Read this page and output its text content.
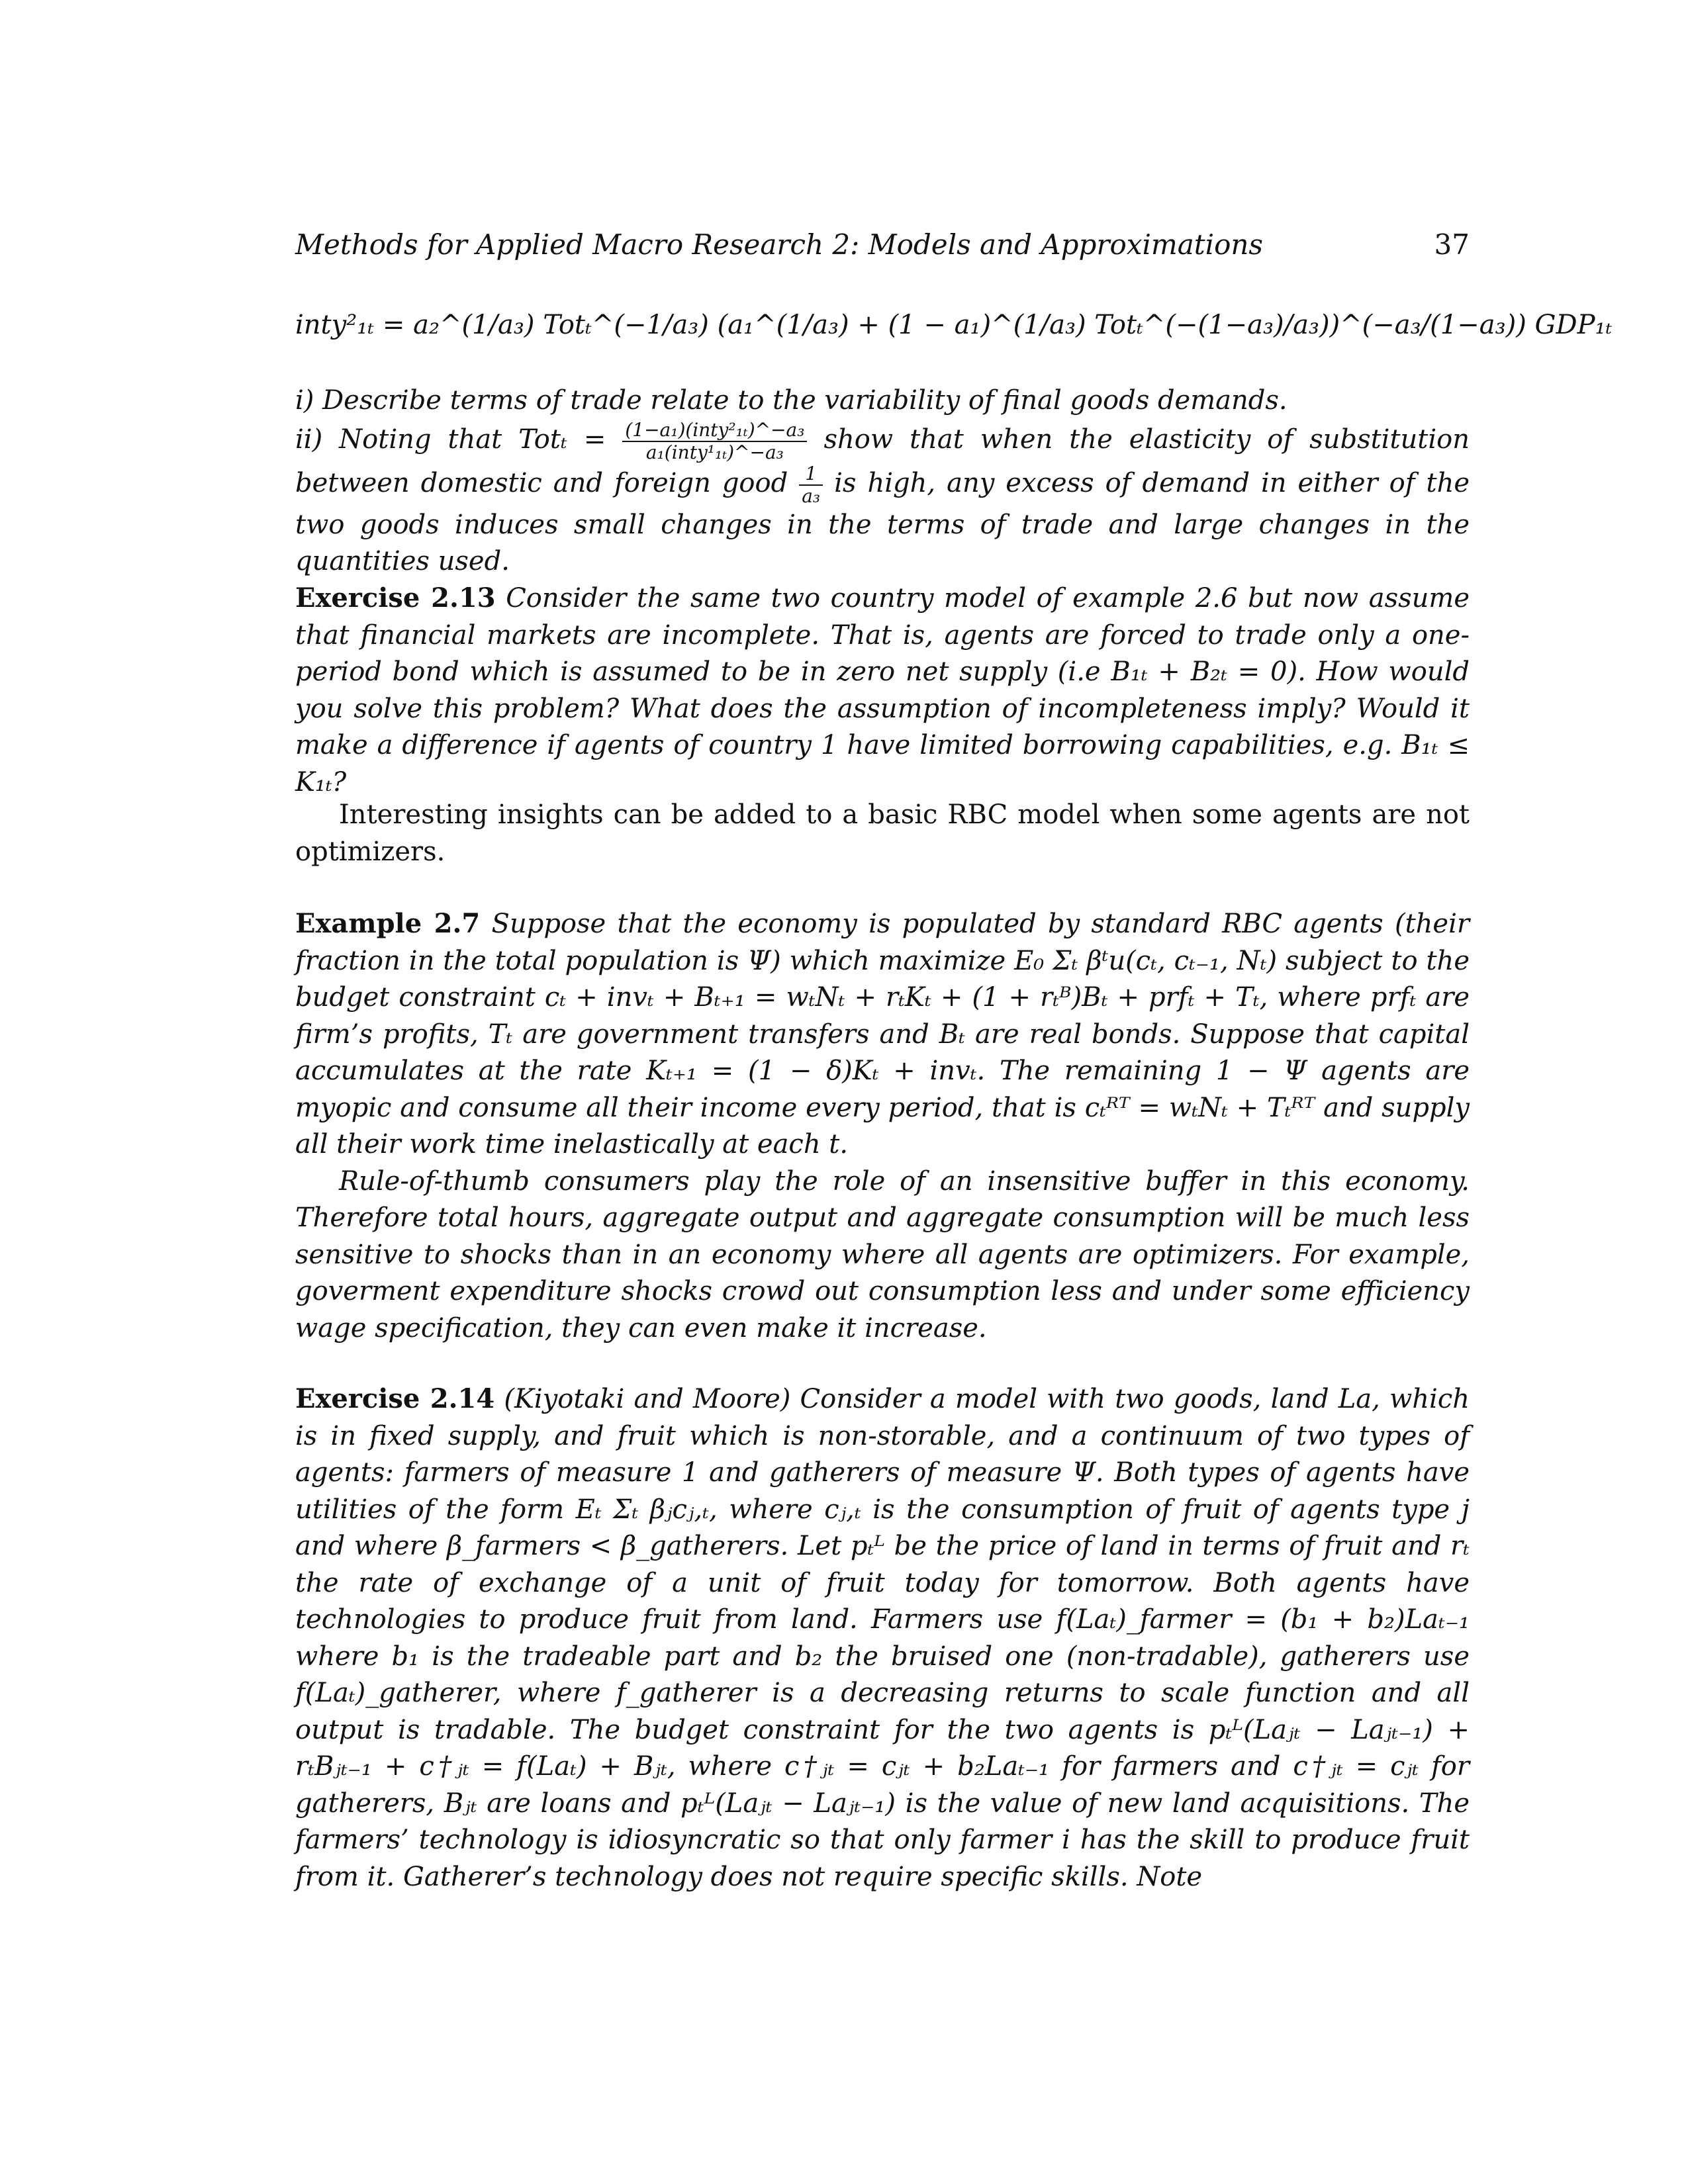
Methods for Applied Macro Research 2: Models and Approximations	37
inty²₁ₜ = a₂^(1/a₃) Totₜ^(−1/a₃) (a₁^(1/a₃) + (1 − a₁)^(1/a₃) Totₜ^(−(1−a₃)/a₃))^(−a₃/(1−a₃)) GDP₁ₜ

i) Describe terms of trade relate to the variability of final goods demands.

ii) Noting that $Tot_t = \frac{\text{(1−a₁)(inty²₁ₜ)\textasciicircum{}−a₃}}{\text{a₁(inty¹₁ₜ)\textasciicircum{}−a₃}}$ show that when the elasticity of substitution between domestic and foreign good $\frac{1}{\text{a₃}}$ is high, any excess of demand in either of the two goods induces small changes in the terms of trade and large changes in the quantities used.

Exercise 2.13 Consider the same two country model of example 2.6 but now assume that financial markets are incomplete. That is, agents are forced to trade only a one-period bond which is assumed to be in zero net supply (i.e B₁ₜ + B₂ₜ = 0). How would you solve this problem? What does the assumption of incompleteness imply? Would it make a difference if agents of country 1 have limited borrowing capabilities, e.g. B₁ₜ ≤ K₁ₜ?

Interesting insights can be added to a basic RBC model when some agents are not optimizers.

Example 2.7 Suppose that the economy is populated by standard RBC agents (their fraction in the total population is Ψ) which maximize E₀ Σₜ βᵗu(cₜ, cₜ₋₁, Nₜ) subject to the budget constraint cₜ + invₜ + Bₜ₊₁ = wₜNₜ + rₜKₜ + (1 + rₜᴮ)Bₜ + prfₜ + Tₜ, where prfₜ are firm’s profits, Tₜ are government transfers and Bₜ are real bonds. Suppose that capital accumulates at the rate Kₜ₊₁ = (1 − δ)Kₜ + invₜ. The remaining 1 − Ψ agents are myopic and consume all their income every period, that is cₜᴿᵀ = wₜNₜ + Tₜᴿᵀ and supply all their work time inelastically at each t.

Rule-of-thumb consumers play the role of an insensitive buffer in this economy. Therefore total hours, aggregate output and aggregate consumption will be much less sensitive to shocks than in an economy where all agents are optimizers. For example, goverment expenditure shocks crowd out consumption less and under some efficiency wage specification, they can even make it increase.

Exercise 2.14 (Kiyotaki and Moore) Consider a model with two goods, land La, which is in fixed supply, and fruit which is non-storable, and a continuum of two types of agents: farmers of measure 1 and gatherers of measure Ψ. Both types of agents have utilities of the form Eₜ Σₜ βⱼcⱼ,ₜ, where cⱼ,ₜ is the consumption of fruit of agents type j and where β_farmers < β_gatherers. Let pₜᴸ be the price of land in terms of fruit and rₜ the rate of exchange of a unit of fruit today for tomorrow. Both agents have technologies to produce fruit from land. Farmers use f(Laₜ)_farmer = (b₁ + b₂)Laₜ₋₁ where b₁ is the tradeable part and b₂ the bruised one (non-tradable), gatherers use f(Laₜ)_gatherer, where f_gatherer is a decreasing returns to scale function and all output is tradable. The budget constraint for the two agents is pₜᴸ(Laⱼₜ − Laⱼₜ₋₁) + rₜBⱼₜ₋₁ + c†ⱼₜ = f(Laₜ) + Bⱼₜ, where c†ⱼₜ = cⱼₜ + b₂Laₜ₋₁ for farmers and c†ⱼₜ = cⱼₜ for gatherers, Bⱼₜ are loans and pₜᴸ(Laⱼₜ − Laⱼₜ₋₁) is the value of new land acquisitions. The farmers’ technology is idiosyncratic so that only farmer i has the skill to produce fruit from it. Gatherer’s technology does not require specific skills. Note
